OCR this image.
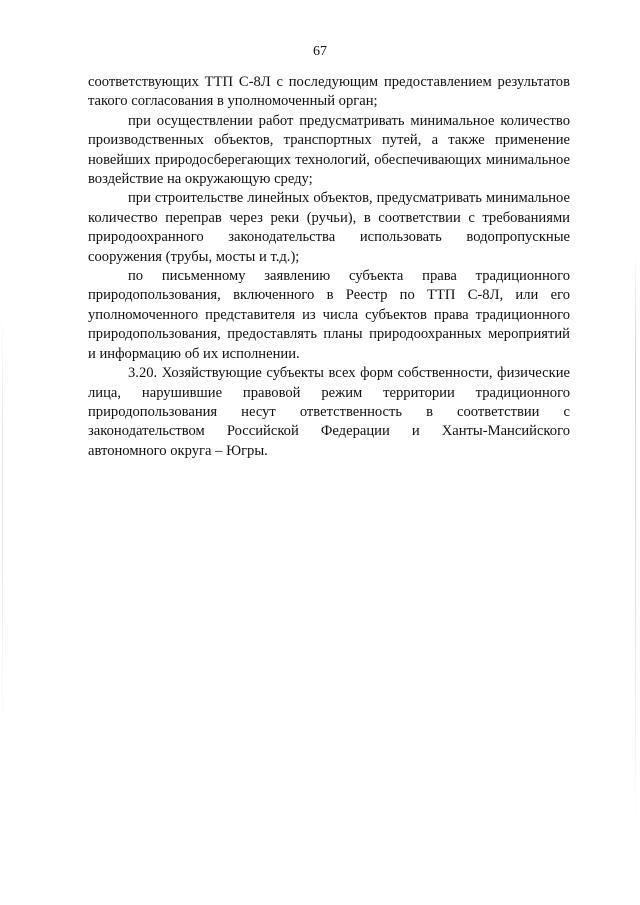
67

соответствующих ТТП С-8Л с последующим предоставлением результатов такого согласования в уполномоченный орган;

при осуществлении работ предусматривать минимальное количество производственных объектов, транспортных путей, а также применение новейших природосберегающих технологий, обеспечивающих минимальное воздействие на окружающую среду;

при строительстве линейных объектов, предусматривать минимальное количество переправ через реки (ручьи), в соответствии с требованиями природоохранного законодательства использовать водопропускные сооружения (трубы, мосты и т.д.);

по письменному заявлению субъекта права традиционного природопользования, включенного в Реестр по ТТП С-8Л, или его уполномоченного представителя из числа субъектов права традиционного природопользования, предоставлять планы природоохранных мероприятий и информацию об их исполнении.

3.20. Хозяйствующие субъекты всех форм собственности, физические лица, нарушившие правовой режим территории традиционного природопользования несут ответственность в соответствии с законодательством Российской Федерации и Ханты-Мансийского автономного округа – Югры.
